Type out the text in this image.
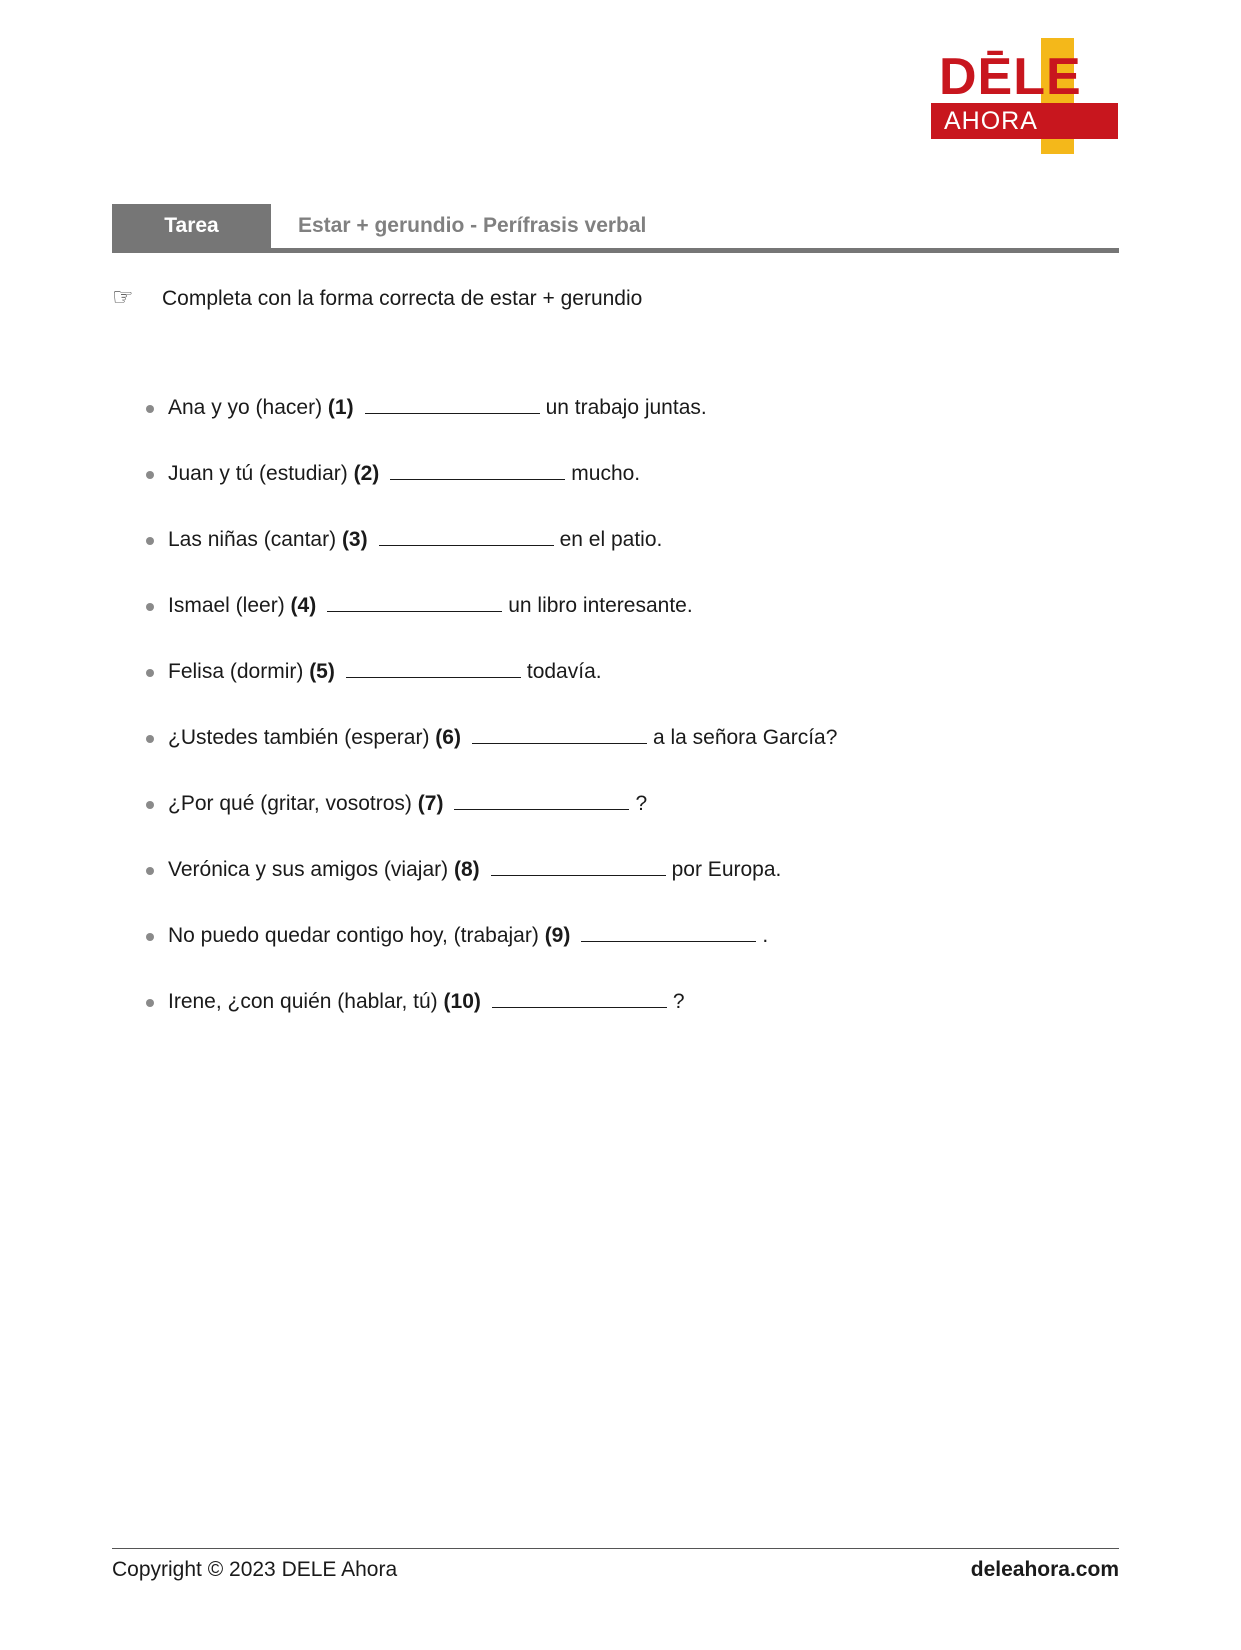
DĒLE
AHORA
Tarea	Estar + gerundio - Perífrasis verbal
☞ Completa con la forma correcta de estar + gerundio
Ana y yo (hacer) (1)	un trabajo juntas.
Juan y tú (estudiar) (2)	mucho.
Las niñas (cantar) (3)	en el patio.
Ismael (leer) (4)	un libro interesante.
Felisa (dormir) (5)	todavía.
¿Ustedes también (esperar) (6)	a la señora García?
¿Por qué (gritar, vosotros) (7)	?
Verónica y sus amigos (viajar) (8)	por Europa.
No puedo quedar contigo hoy, (trabajar) (9)	.
Irene, ¿con quién (hablar, tú) (10)	?
Copyright © 2023 DELE Ahora	deleahora.com
